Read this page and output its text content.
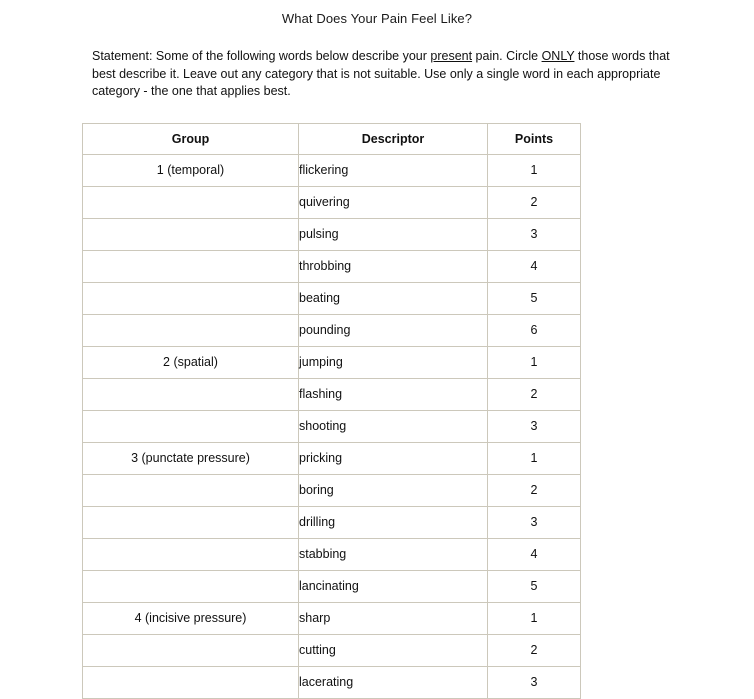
What Does Your Pain Feel Like?

Statement: Some of the following words below describe your present pain. Circle ONLY those words that best describe it. Leave out any category that is not suitable. Use only a single word in each appropriate category - the one that applies best.

Group	Descriptor	Points
1 (temporal)	flickering	1
	quivering	2
	pulsing	3
	throbbing	4
	beating	5
	pounding	6
2 (spatial)	jumping	1
	flashing	2
	shooting	3
3 (punctate pressure)	pricking	1
	boring	2
	drilling	3
	stabbing	4
	lancinating	5
4 (incisive pressure)	sharp	1
	cutting	2
	lacerating	3
